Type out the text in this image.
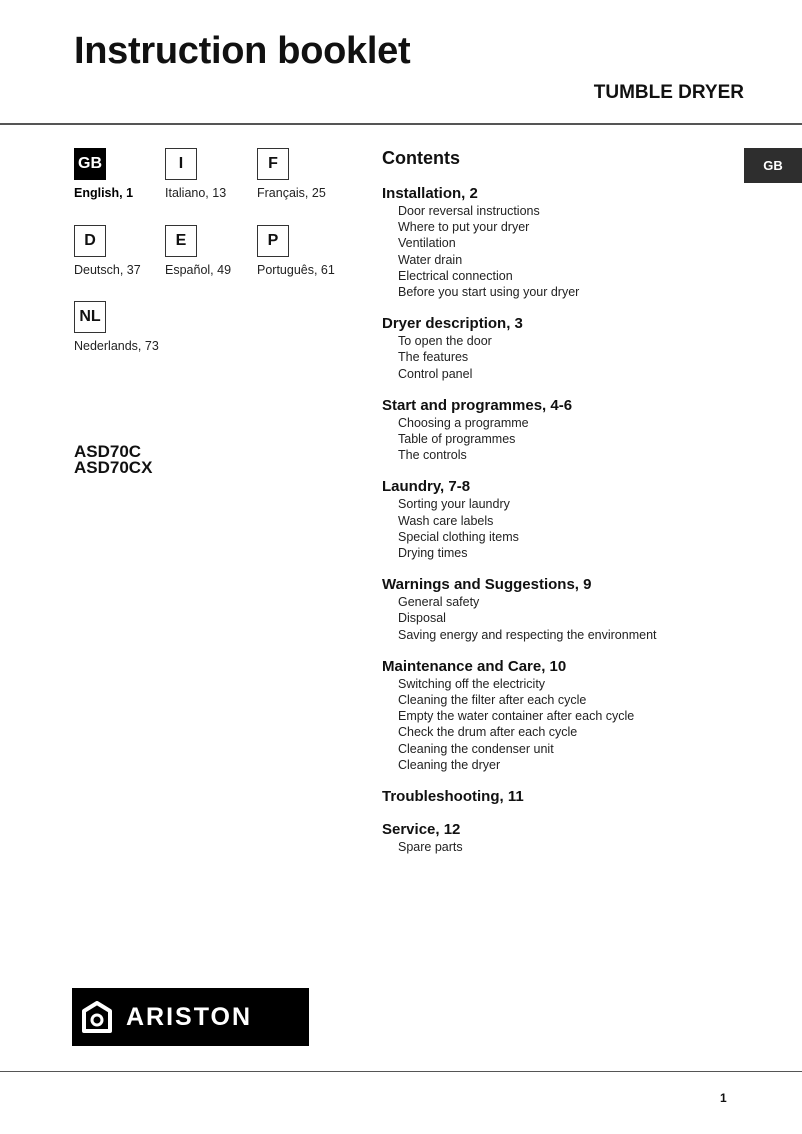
Instruction booklet
TUMBLE DRYER
GB
English, 1
I
Italiano, 13
F
Français, 25
D
Deutsch, 37
E
Español, 49
P
Português, 61
NL
Nederlands, 73
ASD70C
ASD70CX
Contents
Installation, 2
Door reversal instructions
Where to put your dryer
Ventilation
Water drain
Electrical connection
Before you start using your dryer
Dryer description, 3
To open the door
The features
Control panel
Start and programmes, 4-6
Choosing a programme
Table of programmes
The controls
Laundry, 7-8
Sorting your laundry
Wash care labels
Special clothing items
Drying times
Warnings and Suggestions, 9
General safety
Disposal
Saving energy and respecting the environment
Maintenance and Care, 10
Switching off the electricity
Cleaning the filter after each cycle
Empty the water container after each cycle
Check the drum after each cycle
Cleaning the condenser unit
Cleaning the dryer
Troubleshooting, 11
Service, 12
Spare parts
GB
ARISTON
1
